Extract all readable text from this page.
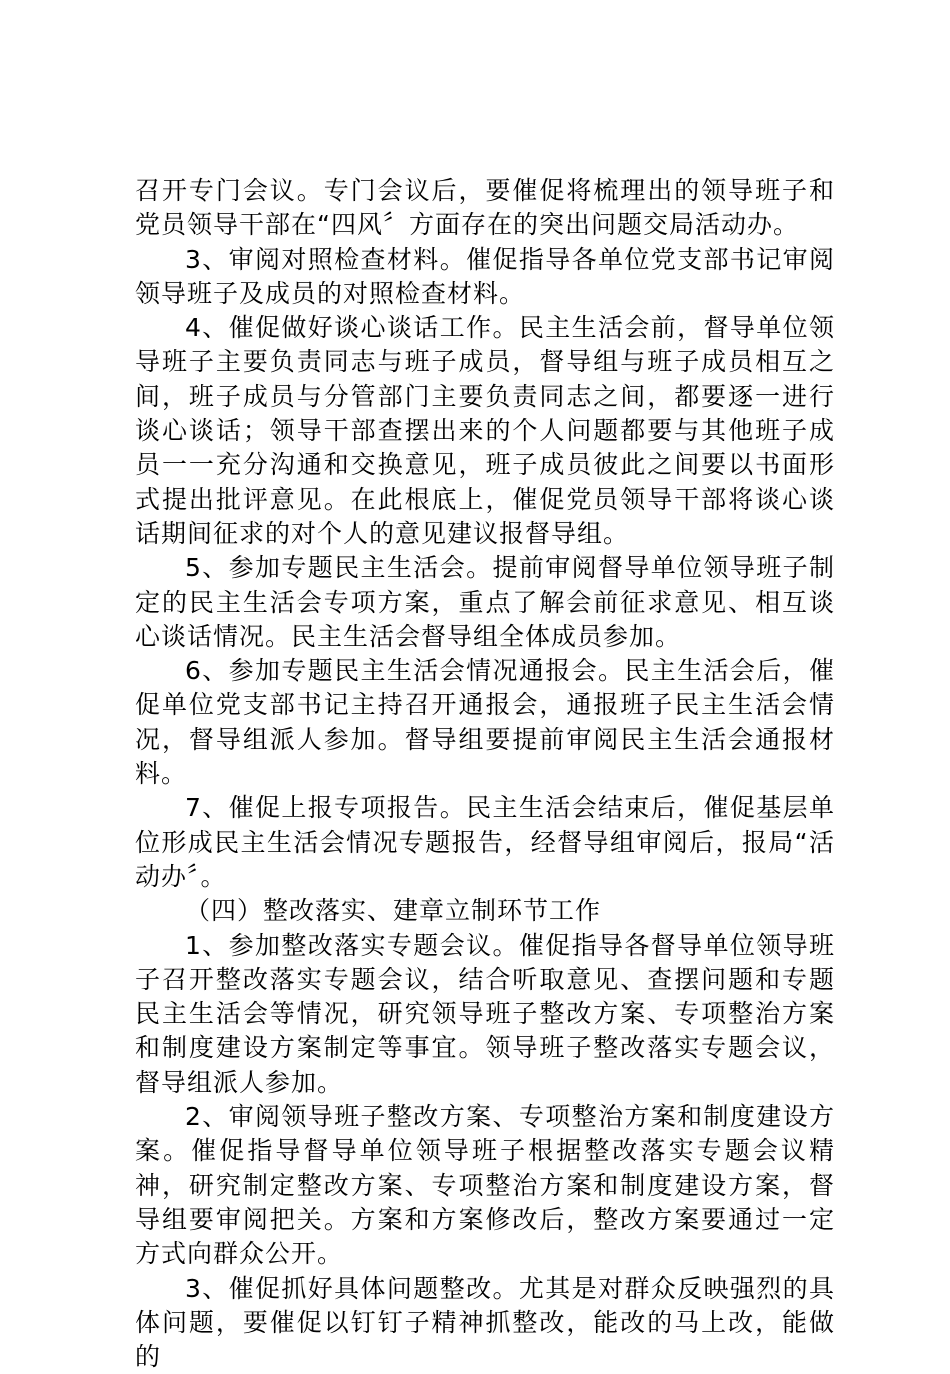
召开专门会议。专门会议后，要催促将梳理出的领导班子和党员领导干部在“四风〞方面存在的突出问题交局活动办。

3、审阅对照检查材料。催促指导各单位党支部书记审阅领导班子及成员的对照检查材料。

4、催促做好谈心谈话工作。民主生活会前，督导单位领导班子主要负责同志与班子成员，督导组与班子成员相互之间，班子成员与分管部门主要负责同志之间，都要逐一进行谈心谈话；领导干部查摆出来的个人问题都要与其他班子成员一一充分沟通和交换意见，班子成员彼此之间要以书面形式提出批评意见。在此根底上，催促党员领导干部将谈心谈话期间征求的对个人的意见建议报督导组。

5、参加专题民主生活会。提前审阅督导单位领导班子制定的民主生活会专项方案，重点了解会前征求意见、相互谈心谈话情况。民主生活会督导组全体成员参加。

6、参加专题民主生活会情况通报会。民主生活会后，催促单位党支部书记主持召开通报会，通报班子民主生活会情况，督导组派人参加。督导组要提前审阅民主生活会通报材料。

7、催促上报专项报告。民主生活会结束后，催促基层单位形成民主生活会情况专题报告，经督导组审阅后，报局“活动办〞。

（四）整改落实、建章立制环节工作

1、参加整改落实专题会议。催促指导各督导单位领导班子召开整改落实专题会议，结合听取意见、查摆问题和专题民主生活会等情况，研究领导班子整改方案、专项整治方案和制度建设方案制定等事宜。领导班子整改落实专题会议，督导组派人参加。

2、审阅领导班子整改方案、专项整治方案和制度建设方案。催促指导督导单位领导班子根据整改落实专题会议精神，研究制定整改方案、专项整治方案和制度建设方案，督导组要审阅把关。方案和方案修改后，整改方案要通过一定方式向群众公开。

3、催促抓好具体问题整改。尤其是对群众反映强烈的具体问题，要催促以钉钉子精神抓整改，能改的马上改，能做的
